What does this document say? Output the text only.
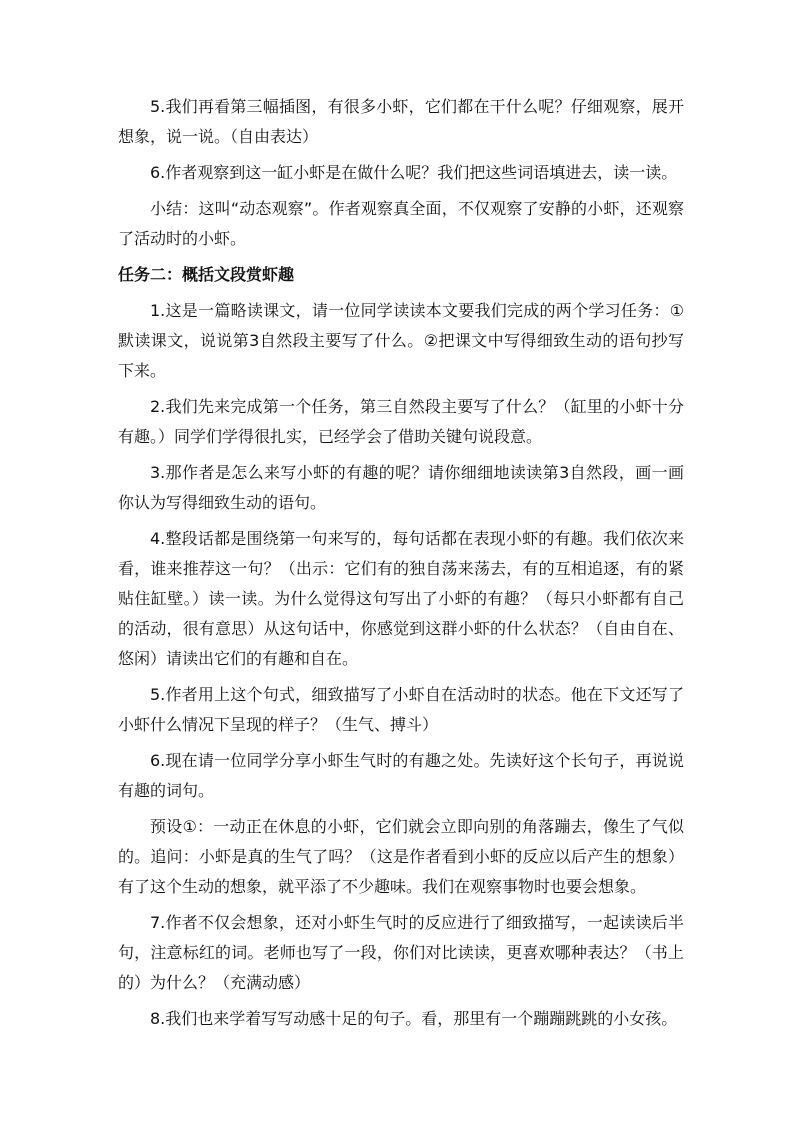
5.我们再看第三幅插图，有很多小虾，它们都在干什么呢？仔细观察，展开想象，说一说。（自由表达）

6.作者观察到这一缸小虾是在做什么呢？我们把这些词语填进去，读一读。

小结：这叫“动态观察”。作者观察真全面，不仅观察了安静的小虾，还观察了活动时的小虾。

任务二：概括文段赏虾趣

1.这是一篇略读课文，请一位同学读读本文要我们完成的两个学习任务：①默读课文，说说第3自然段主要写了什么。②把课文中写得细致生动的语句抄写下来。

2.我们先来完成第一个任务，第三自然段主要写了什么？（缸里的小虾十分有趣。）同学们学得很扎实，已经学会了借助关键句说段意。

3.那作者是怎么来写小虾的有趣的呢？请你细细地读读第3自然段，画一画你认为写得细致生动的语句。

4.整段话都是围绕第一句来写的，每句话都在表现小虾的有趣。我们依次来看，谁来推荐这一句？（出示：它们有的独自荡来荡去，有的互相追逐，有的紧贴住缸壁。）读一读。为什么觉得这句写出了小虾的有趣？（每只小虾都有自己的活动，很有意思）从这句话中，你感觉到这群小虾的什么状态？（自由自在、悠闲）请读出它们的有趣和自在。

5.作者用上这个句式，细致描写了小虾自在活动时的状态。他在下文还写了小虾什么情况下呈现的样子？（生气、搏斗）

6.现在请一位同学分享小虾生气时的有趣之处。先读好这个长句子，再说说有趣的词句。

预设①：一动正在休息的小虾，它们就会立即向别的角落蹦去，像生了气似的。追问：小虾是真的生气了吗？（这是作者看到小虾的反应以后产生的想象）有了这个生动的想象，就平添了不少趣味。我们在观察事物时也要会想象。

7.作者不仅会想象，还对小虾生气时的反应进行了细致描写，一起读读后半句，注意标红的词。老师也写了一段，你们对比读读，更喜欢哪种表达？（书上的）为什么？（充满动感）

8.我们也来学着写写动感十足的句子。看，那里有一个蹦蹦跳跳的小女孩。
